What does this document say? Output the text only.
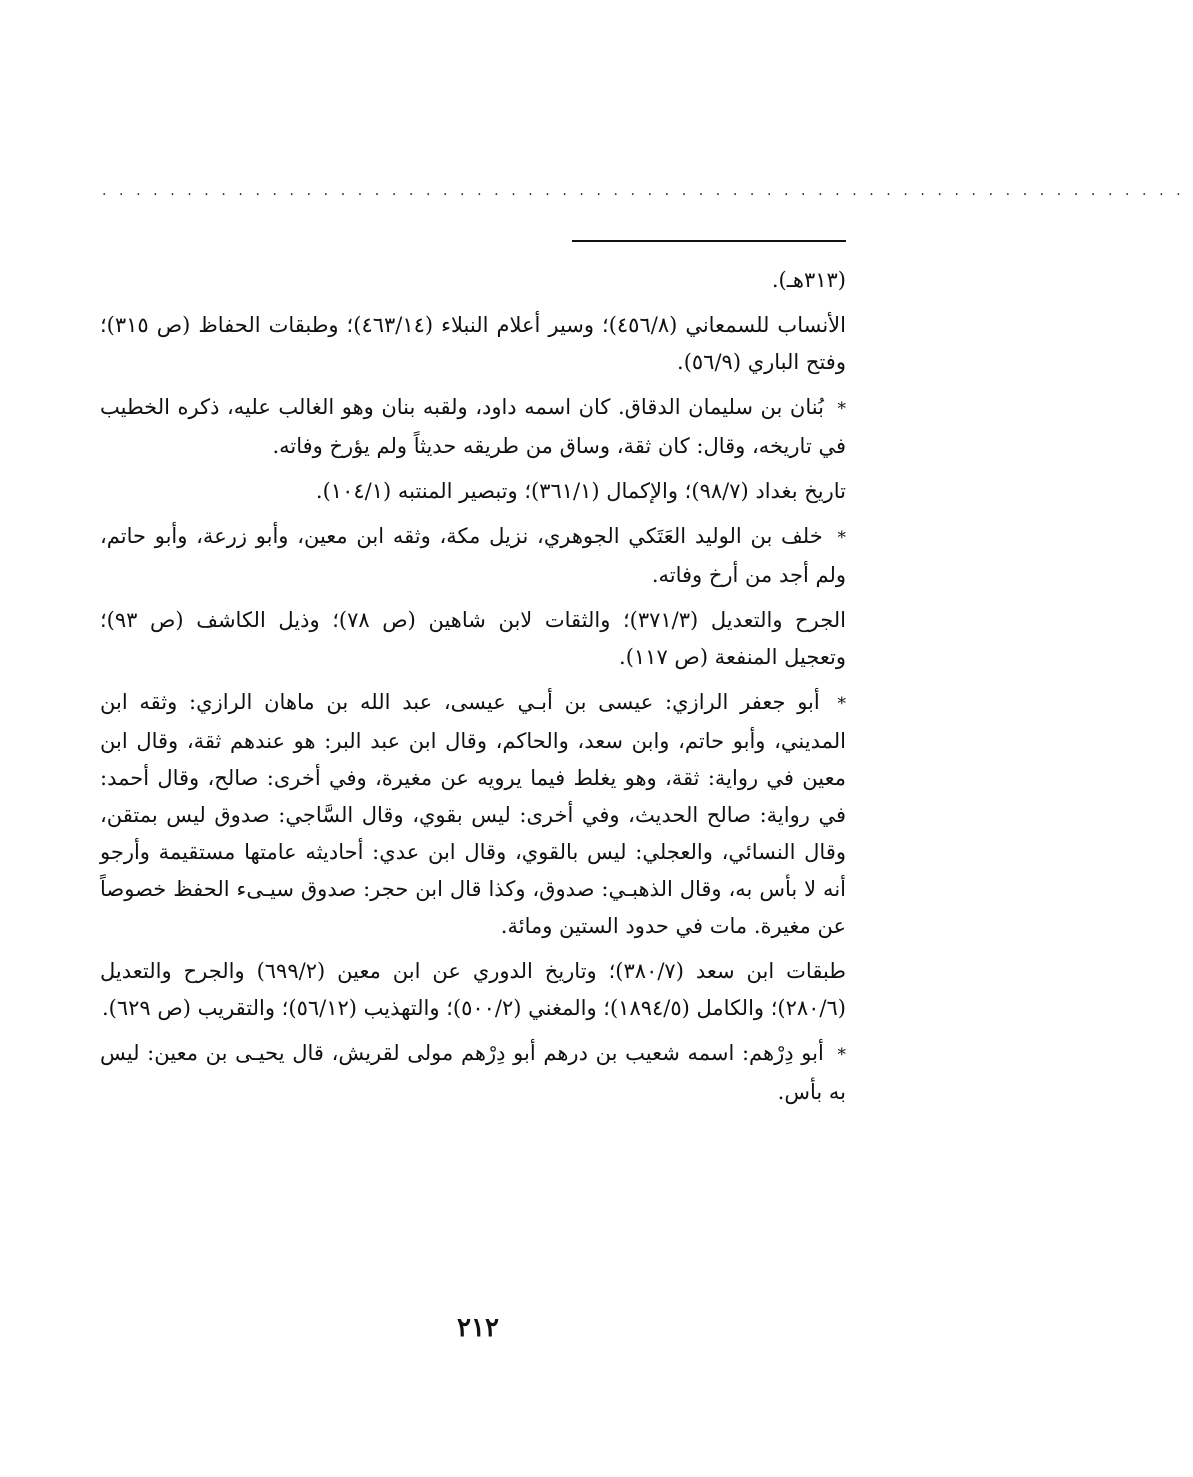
................................................................

(٣١٣هـ).

الأنساب للسمعاني (٤٥٦/٨)؛ وسير أعلام النبلاء (٤٦٣/١٤)؛ وطبقات الحفاظ (ص ٣١٥)؛ وفتح الباري (٥٦/٩).

* بُنان بن سليمان الدقاق. كان اسمه داود، ولقبه بنان وهو الغالب عليه، ذكره الخطيب في تاريخه، وقال: كان ثقة، وساق من طريقه حديثاً ولم يؤرخ وفاته.

تاريخ بغداد (٩٨/٧)؛ والإكمال (٣٦١/١)؛ وتبصير المنتبه (١٠٤/١).

* خلف بن الوليد العَتَكي الجوهري، نزيل مكة، وثقه ابن معين، وأبو زرعة، وأبو حاتم، ولم أجد من أرخ وفاته.

الجرح والتعديل (٣٧١/٣)؛ والثقات لابن شاهين (ص ٧٨)؛ وذيل الكاشف (ص ٩٣)؛ وتعجيل المنفعة (ص ١١٧).

* أبو جعفر الرازي: عيسى بن أبـي عيسى، عبد الله بن ماهان الرازي: وثقه ابن المديني، وأبو حاتم، وابن سعد، والحاكم، وقال ابن عبد البر: هو عندهم ثقة، وقال ابن معين في رواية: ثقة، وهو يغلط فيما يرويه عن مغيرة، وفي أخرى: صالح، وقال أحمد: في رواية: صالح الحديث، وفي أخرى: ليس بقوي، وقال السَّاجي: صدوق ليس بمتقن، وقال النسائي، والعجلي: ليس بالقوي، وقال ابن عدي: أحاديثه عامتها مستقيمة وأرجو أنه لا بأس به، وقال الذهبـي: صدوق، وكذا قال ابن حجر: صدوق سيـىء الحفظ خصوصاً عن مغيرة. مات في حدود الستين ومائة.

طبقات ابن سعد (٣٨٠/٧)؛ وتاريخ الدوري عن ابن معين (٦٩٩/٢) والجرح والتعديل (٢٨٠/٦)؛ والكامل (١٨٩٤/٥)؛ والمغني (٥٠٠/٢)؛ والتهذيب (٥٦/١٢)؛ والتقريب (ص ٦٢٩).

* أبو دِرْهم: اسمه شعيب بن درهم أبو دِرْهم مولى لقريش، قال يحيـى بن معين: ليس به بأس.

٢١٢
